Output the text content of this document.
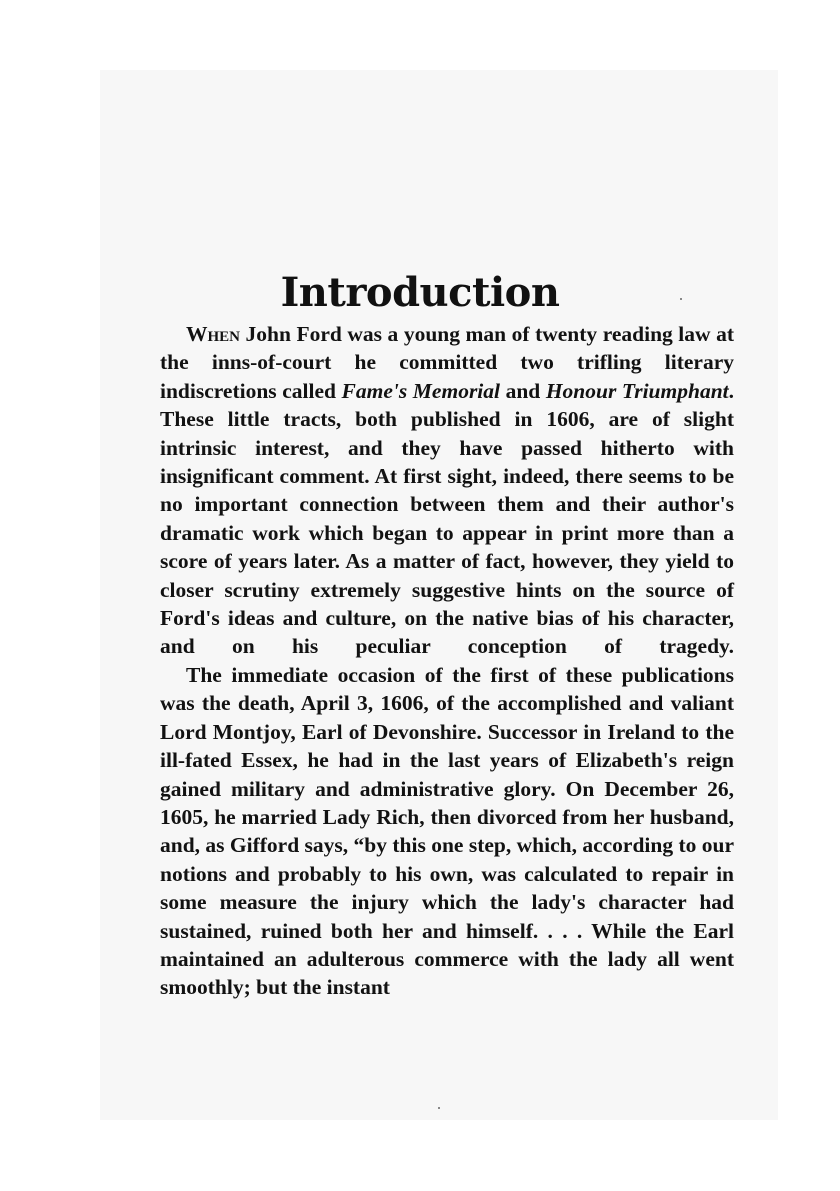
Introduction

When John Ford was a young man of twenty reading law at the inns-of-court he committed two trifling literary indiscretions called Fame's Memorial and Honour Triumphant. These little tracts, both published in 1606, are of slight intrinsic interest, and they have passed hitherto with insignificant comment. At first sight, indeed, there seems to be no important connection between them and their author's dramatic work which began to appear in print more than a score of years later. As a matter of fact, however, they yield to closer scrutiny extremely suggestive hints on the source of Ford's ideas and culture, on the native bias of his character, and on his peculiar conception of tragedy.

The immediate occasion of the first of these publications was the death, April 3, 1606, of the accomplished and valiant Lord Montjoy, Earl of Devonshire. Successor in Ireland to the ill-fated Essex, he had in the last years of Elizabeth's reign gained military and administrative glory. On December 26, 1605, he married Lady Rich, then divorced from her husband, and, as Gifford says, “by this one step, which, according to our notions and probably to his own, was calculated to repair in some measure the injury which the lady's character had sustained, ruined both her and himself. . . . While the Earl maintained an adulterous commerce with the lady all went smoothly; but the instant
